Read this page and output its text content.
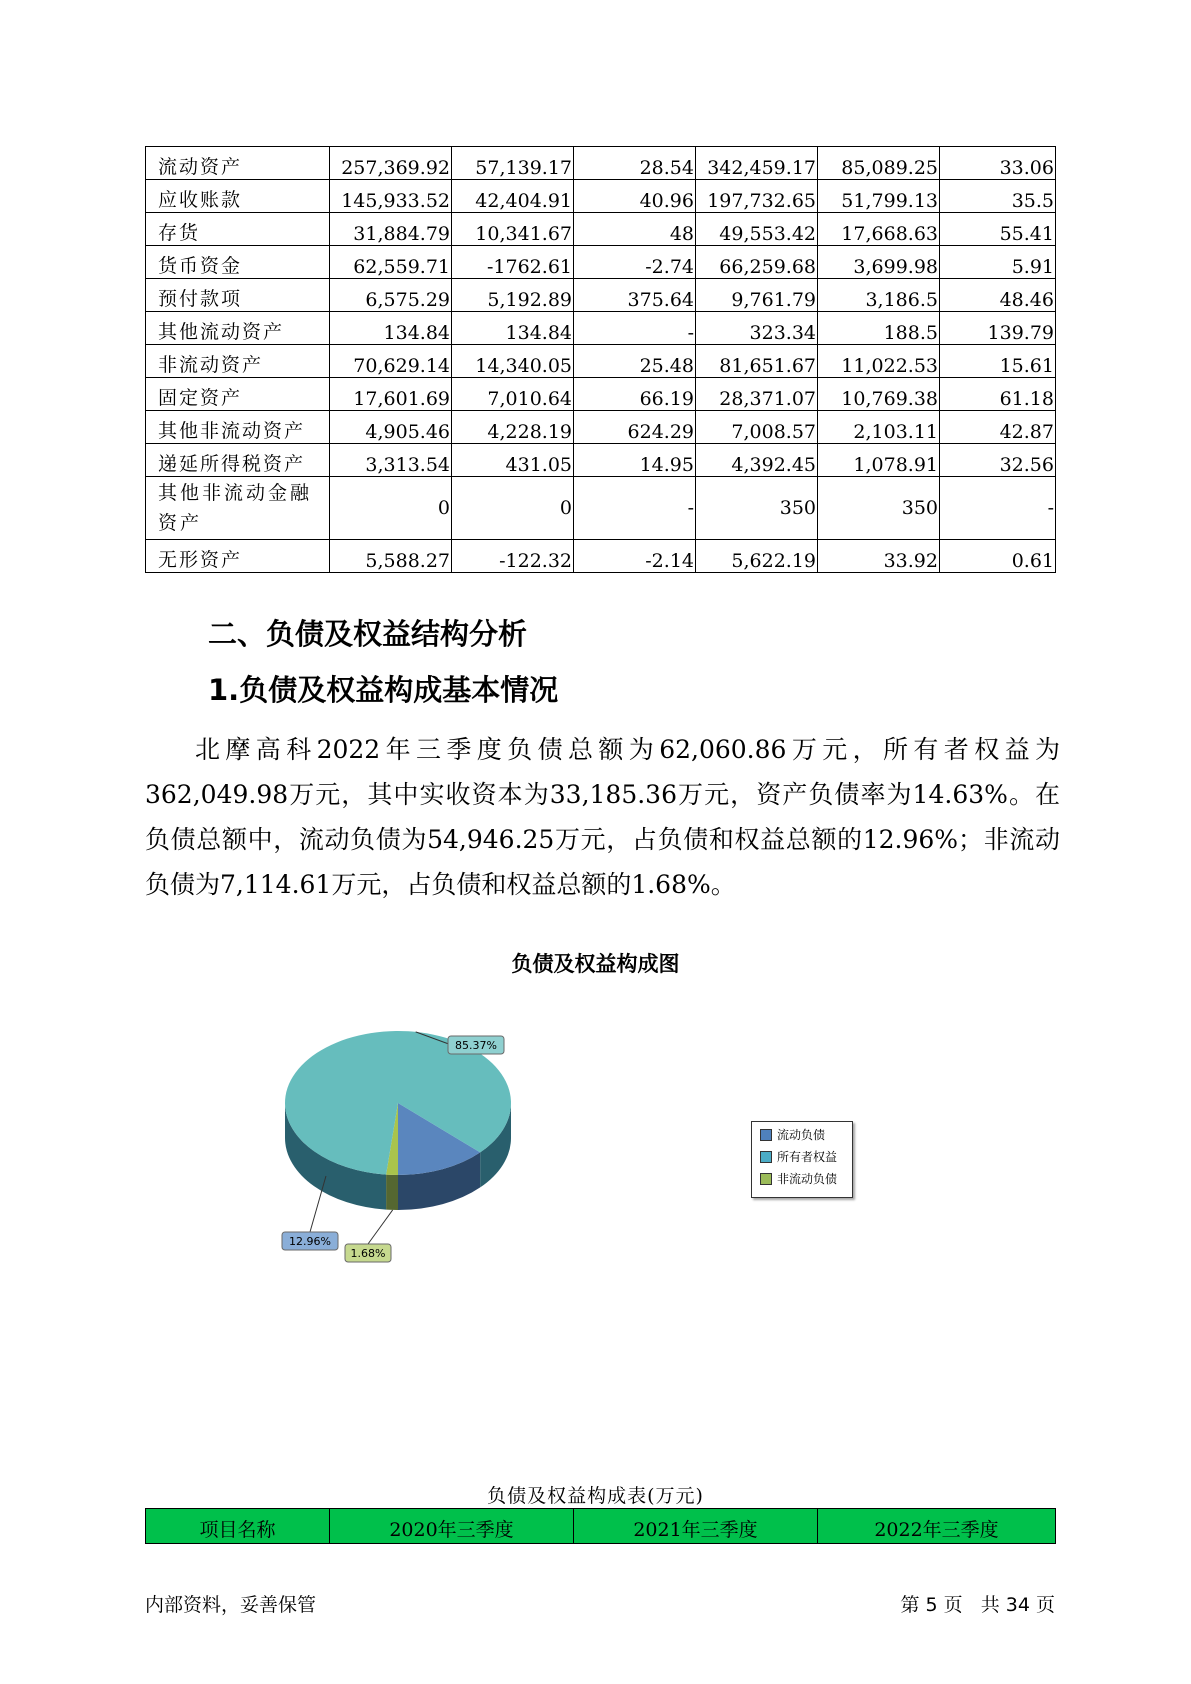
流动资产	257,369.92	57,139.17	28.54	342,459.17	85,089.25	33.06
应收账款	145,933.52	42,404.91	40.96	197,732.65	51,799.13	35.5
存货	31,884.79	10,341.67	48	49,553.42	17,668.63	55.41
货币资金	62,559.71	-1762.61	-2.74	66,259.68	3,699.98	5.91
预付款项	6,575.29	5,192.89	375.64	9,761.79	3,186.5	48.46
其他流动资产	134.84	134.84	-	323.34	188.5	139.79
非流动资产	70,629.14	14,340.05	25.48	81,651.67	11,022.53	15.61
固定资产	17,601.69	7,010.64	66.19	28,371.07	10,769.38	61.18
其他非流动资产	4,905.46	4,228.19	624.29	7,008.57	2,103.11	42.87
递延所得税资产	3,313.54	431.05	14.95	4,392.45	1,078.91	32.56
其他非流动金融资产	0	0	-	350	350	-
无形资产	5,588.27	-122.32	-2.14	5,622.19	33.92	0.61
二、负债及权益结构分析
1.负债及权益构成基本情况
北摩高科2022年三季度负债总额为62,060.86万元，所有者权益为362,049.98万元，其中实收资本为33,185.36万元，资产负债率为14.63%。在负债总额中，流动负债为54,946.25万元，占负债和权益总额的12.96%；非流动负债为7,114.61万元，占负债和权益总额的1.68%。
负债及权益构成图
85.37%
12.96%
1.68%
流动负债
所有者权益
非流动负债
负债及权益构成表(万元)
项目名称	2020年三季度	2021年三季度	2022年三季度
内部资料，妥善保管	第 5 页   共 34 页
